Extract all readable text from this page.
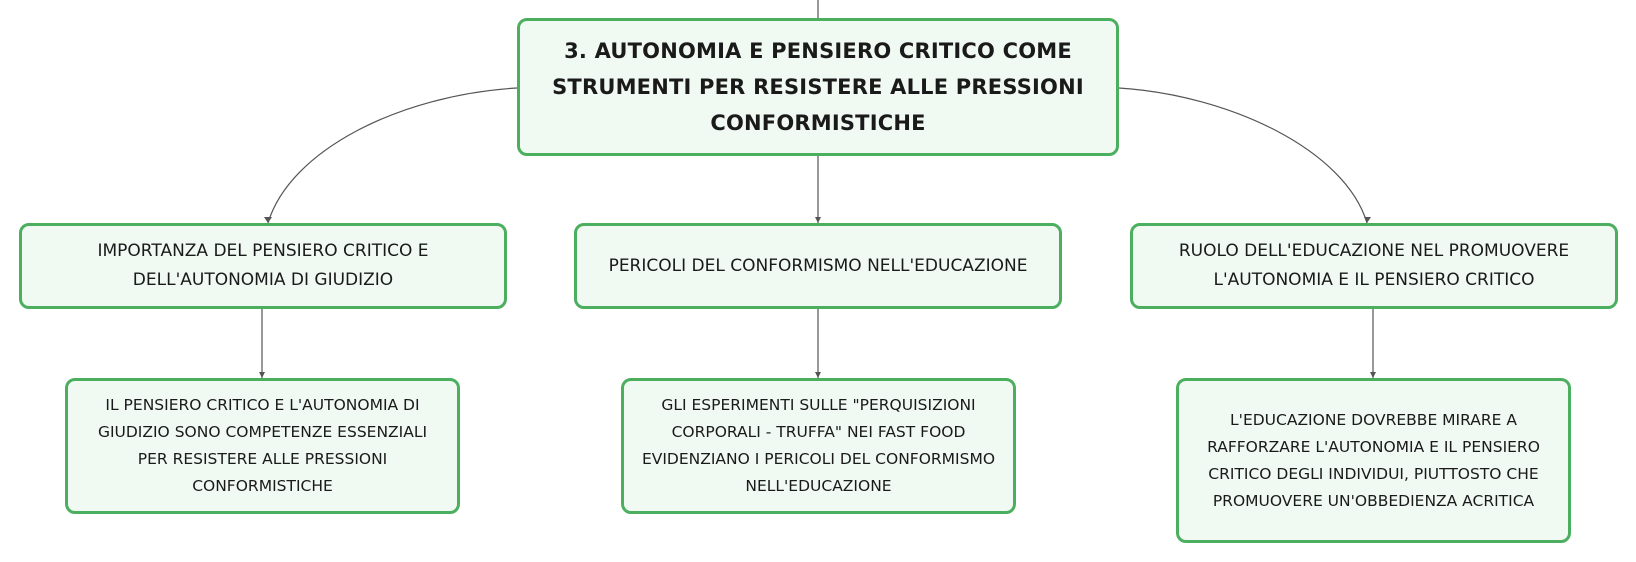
3. AUTONOMIA E PENSIERO CRITICO COME STRUMENTI PER RESISTERE ALLE PRESSIONI CONFORMISTICHE
IMPORTANZA DEL PENSIERO CRITICO E DELL'AUTONOMIA DI GIUDIZIO
PERICOLI DEL CONFORMISMO NELL'EDUCAZIONE
RUOLO DELL'EDUCAZIONE NEL PROMUOVERE L'AUTONOMIA E IL PENSIERO CRITICO
IL PENSIERO CRITICO E L'AUTONOMIA DI GIUDIZIO SONO COMPETENZE ESSENZIALI PER RESISTERE ALLE PRESSIONI CONFORMISTICHE
GLI ESPERIMENTI SULLE "PERQUISIZIONI CORPORALI - TRUFFA" NEI FAST FOOD EVIDENZIANO I PERICOLI DEL CONFORMISMO NELL'EDUCAZIONE
L'EDUCAZIONE DOVREBBE MIRARE A RAFFORZARE L'AUTONOMIA E IL PENSIERO CRITICO DEGLI INDIVIDUI, PIUTTOSTO CHE PROMUOVERE UN'OBBEDIENZA ACRITICA
